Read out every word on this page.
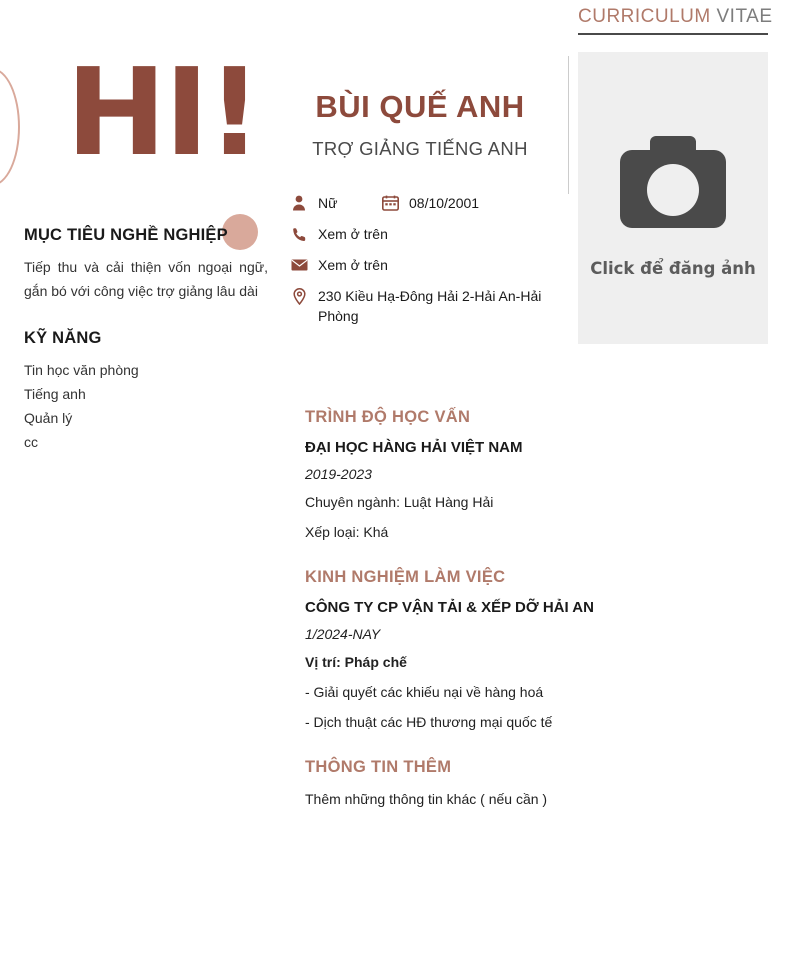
CURRICULUM VITAE
HI!	BÙI QUẾ ANH
TRỢ GIẢNG TIẾNG ANH
Nữ	08/10/2001
Xem ở trên
Xem ở trên
230 Kiều Hạ-Đông Hải 2-Hải An-Hải Phòng
Click để đăng ảnh
MỤC TIÊU NGHỀ NGHIỆP

Tiếp thu và cải thiện vốn ngoại ngữ, gắn bó với công việc trợ giảng lâu dài

KỸ NĂNG
Tin học văn phòng
Tiếng anh
Quản lý
cc
TRÌNH ĐỘ HỌC VẤN
ĐẠI HỌC HÀNG HẢI VIỆT NAM
2019-2023
Chuyên ngành: Luật Hàng Hải
Xếp loại: Khá
KINH NGHIỆM LÀM VIỆC
CÔNG TY CP VẬN TẢI & XẾP DỠ HẢI AN
1/2024-NAY
Vị trí: Pháp chế
- Giải quyết các khiếu nại về hàng hoá
- Dịch thuật các HĐ thương mại quốc tế
THÔNG TIN THÊM
Thêm những thông tin khác ( nếu cần )
